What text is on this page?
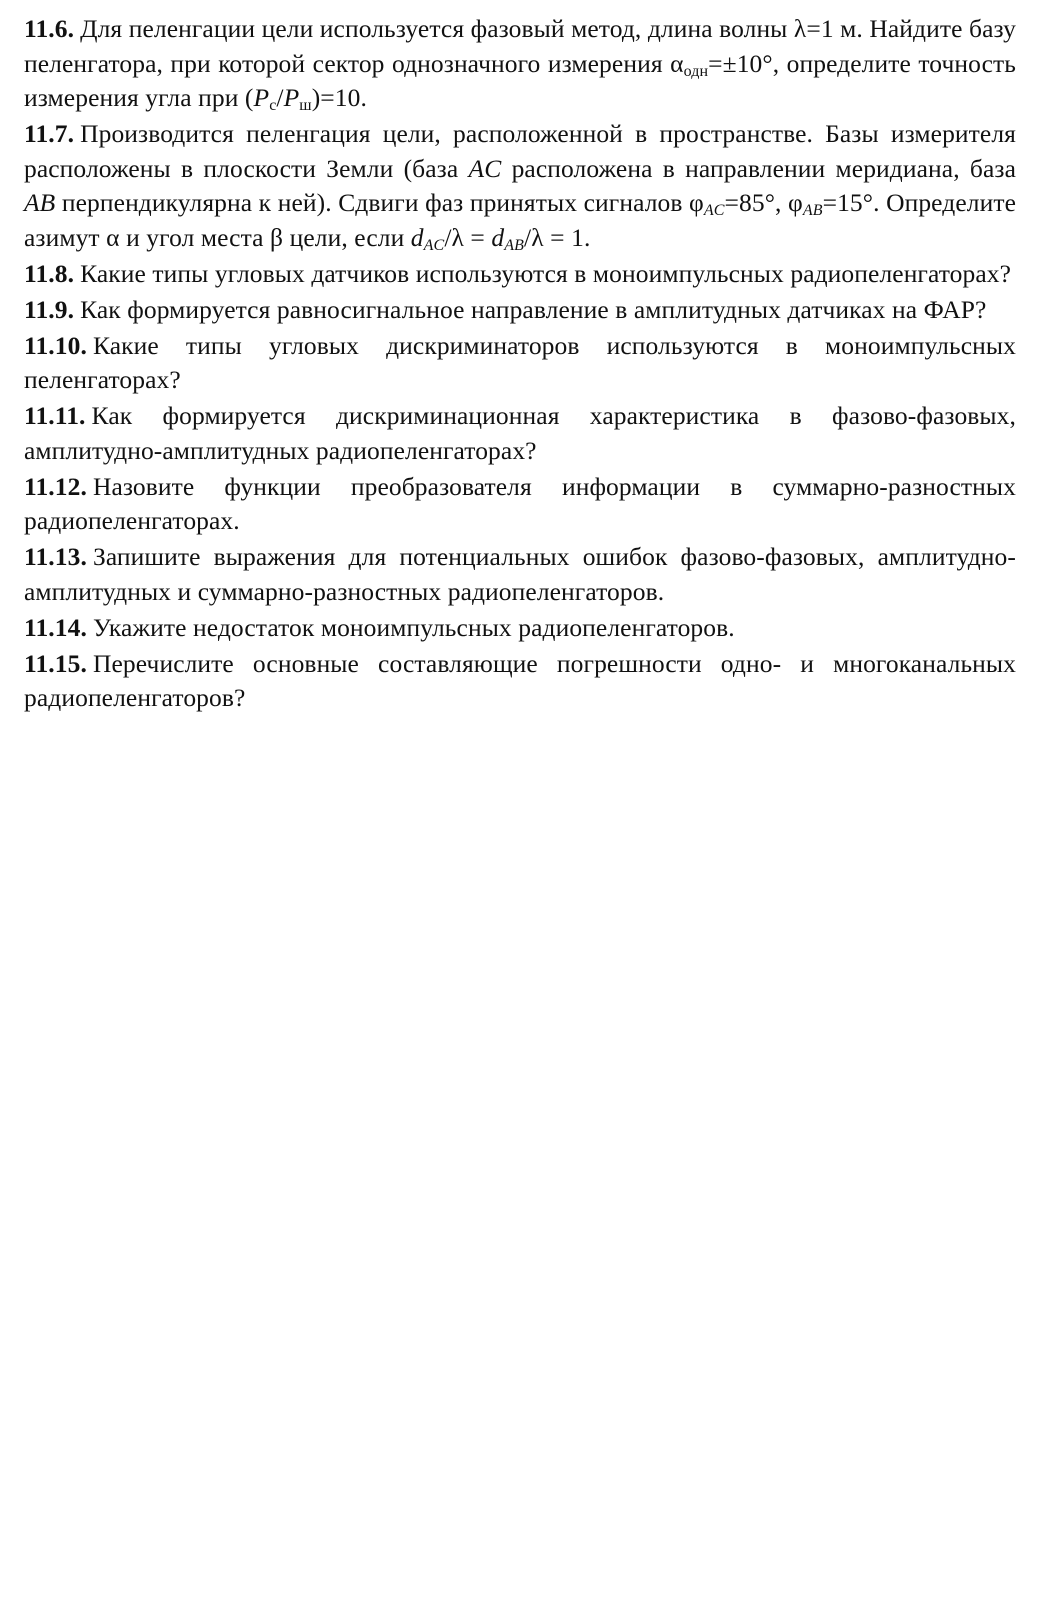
11.6. Для пеленгации цели используется фазовый метод, длина волны λ=1 м. Найдите базу пеленгатора, при которой сектор однозначного измерения $\alpha_{одн}=\pm 10^\circ$, определите точность измерения угла при $(P_c/P_ш)=10$.

11.7. Производится пеленгация цели, расположенной в пространстве. Базы измерителя расположены в плоскости Земли (база AC расположена в направлении меридиана, база AB перпендикулярна к ней). Сдвиги фаз принятых сигналов $\varphi_{AC}=85^\circ$, $\varphi_{AB}=15^\circ$. Определите азимут α и угол места β цели, если $d_{AC}/\lambda = d_{AB}/\lambda = 1$.

11.8. Какие типы угловых датчиков используются в моноимпульсных радиопеленгаторах?

11.9. Как формируется равносигнальное направление в амплитудных датчиках на ФАР?

11.10. Какие типы угловых дискриминаторов используются в моноимпульсных пеленгаторах?

11.11. Как формируется дискриминационная характеристика в фазово-фазовых, амплитудно-амплитудных радиопеленгаторах?

11.12. Назовите функции преобразователя информации в суммарно-разностных радиопеленгаторах.

11.13. Запишите выражения для потенциальных ошибок фазово-фазовых, амплитудно-амплитудных и суммарно-разностных радиопеленгаторов.

11.14. Укажите недостаток моноимпульсных радиопеленгаторов.

11.15. Перечислите основные составляющие погрешности одно- и многоканальных радиопеленгаторов?
